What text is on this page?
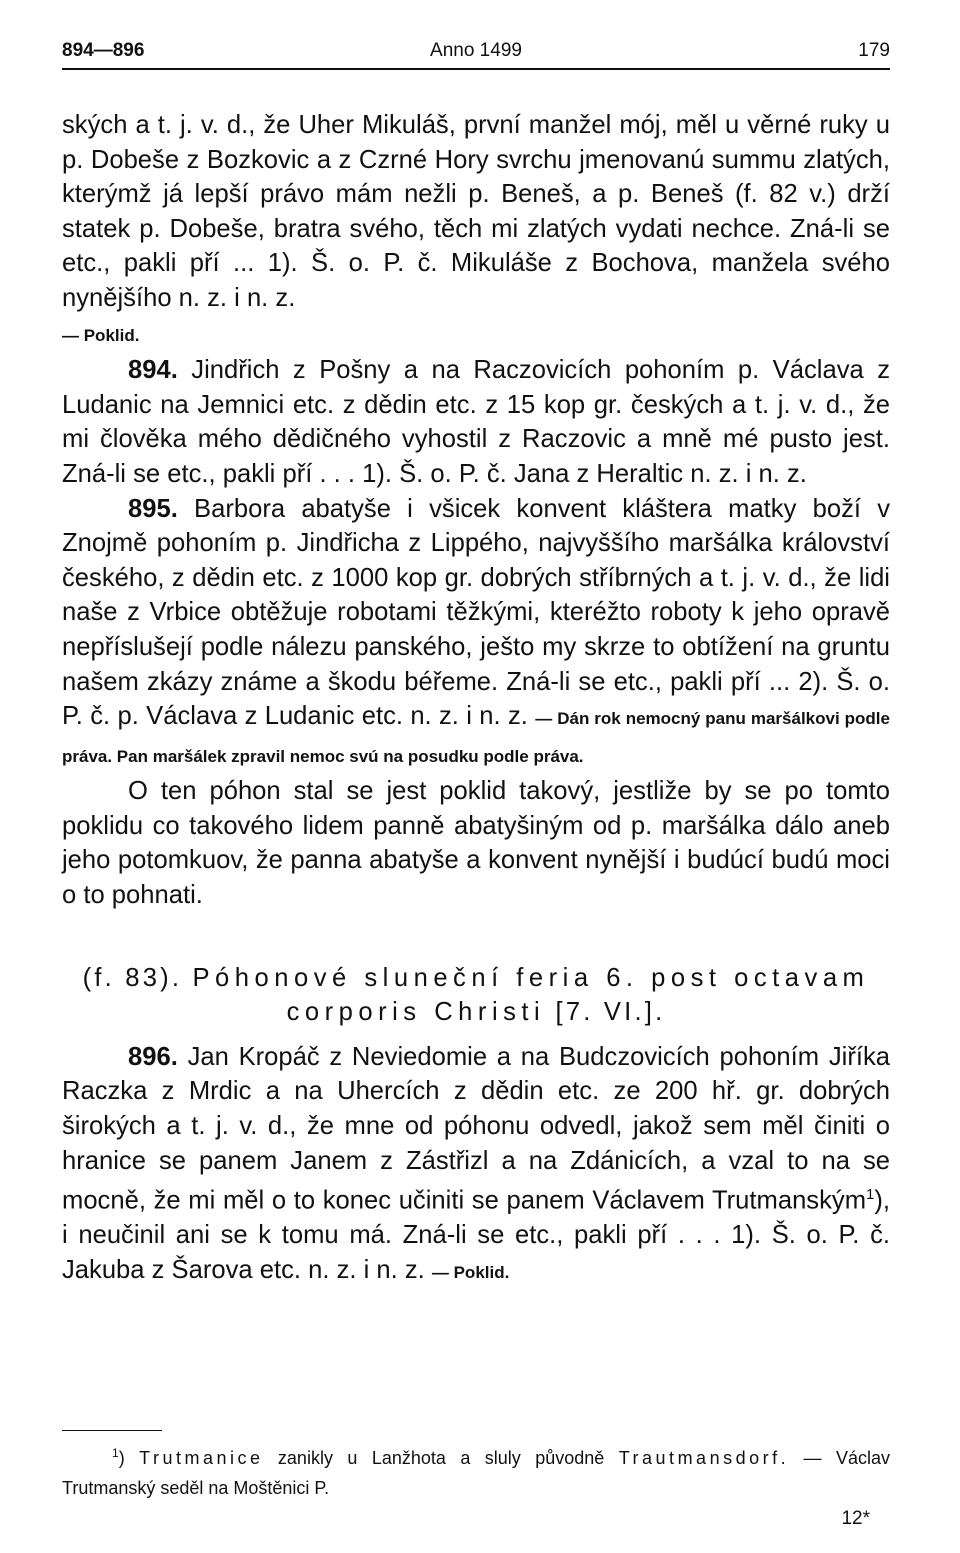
894—896	Anno 1499	179

ských a t. j. v. d., že Uher Mikuláš, první manžel mój, měl u věrné ruky u p. Dobeše z Bozkovic a z Czrné Hory svrchu jmenovanú summu zlatých, kterýmž já lepší právo mám nežli p. Beneš, a p. Beneš (f. 82 v.) drží statek p. Dobeše, bratra svého, těch mi zlatých vydati nechce. Zná-li se etc., pakli pří ... 1). Š. o. P. č. Mikuláše z Bochova, manžela svého nynějšího n. z. i n. z.
— Poklid.

894. Jindřich z Pošny a na Raczovicích pohoním p. Václava z Ludanic na Jemnici etc. z dědin etc. z 15 kop gr. českých a t. j. v. d., že mi člověka mého dědičného vyhostil z Raczovic a mně mé pusto jest. Zná-li se etc., pakli pří . . . 1). Š. o. P. č. Jana z Heraltic n. z. i n. z.

895. Barbora abatyše i všicek konvent kláštera matky boží v Znojmě pohoním p. Jindřicha z Lippého, najvyššího maršálka království českého, z dědin etc. z 1000 kop gr. dobrých stříbrných a t. j. v. d., že lidi naše z Vrbice obtěžuje robotami těžkými, kteréžto roboty k jeho opravě nepříslušejí podle nálezu panského, ješto my skrze to obtížení na gruntu našem zkázy známe a škodu béřeme. Zná-li se etc., pakli pří ... 2). Š. o. P. č. p. Václava z Ludanic etc. n. z. i n. z. — Dán rok nemocný panu maršálkovi podle práva. Pan maršálek zpravil nemoc svú na posudku podle práva.

O ten póhon stal se jest poklid takový, jestliže by se po tomto poklidu co takového lidem panně abatyšiným od p. maršálka dálo aneb jeho potomkuov, že panna abatyše a konvent nynější i budúcí budú moci o to pohnati.

(f. 83). Póhonové sluneční feria 6. post octavam corporis Christi [7. VI.].

896. Jan Kropáč z Neviedomie a na Budczovicích pohoním Jiříka Raczka z Mrdic a na Uhercích z dědin etc. ze 200 hř. gr. dobrých širokých a t. j. v. d., že mne od póhonu odvedl, jakož sem měl činiti o hranice se panem Janem z Zástřizl a na Zdánicích, a vzal to na se mocně, že mi měl o to konec učiniti se panem Václavem Trutmanským$^1$), i neučinil ani se k tomu má. Zná-li se etc., pakli pří . . . 1). Š. o. P. č. Jakuba z Šarova etc. n. z. i n. z. — Poklid.

$^1$) Trutmanice zanikly u Lanžhota a sluly původně Trautmansdorf. — Václav Trutmanský seděl na Moštěnici P.
12*
